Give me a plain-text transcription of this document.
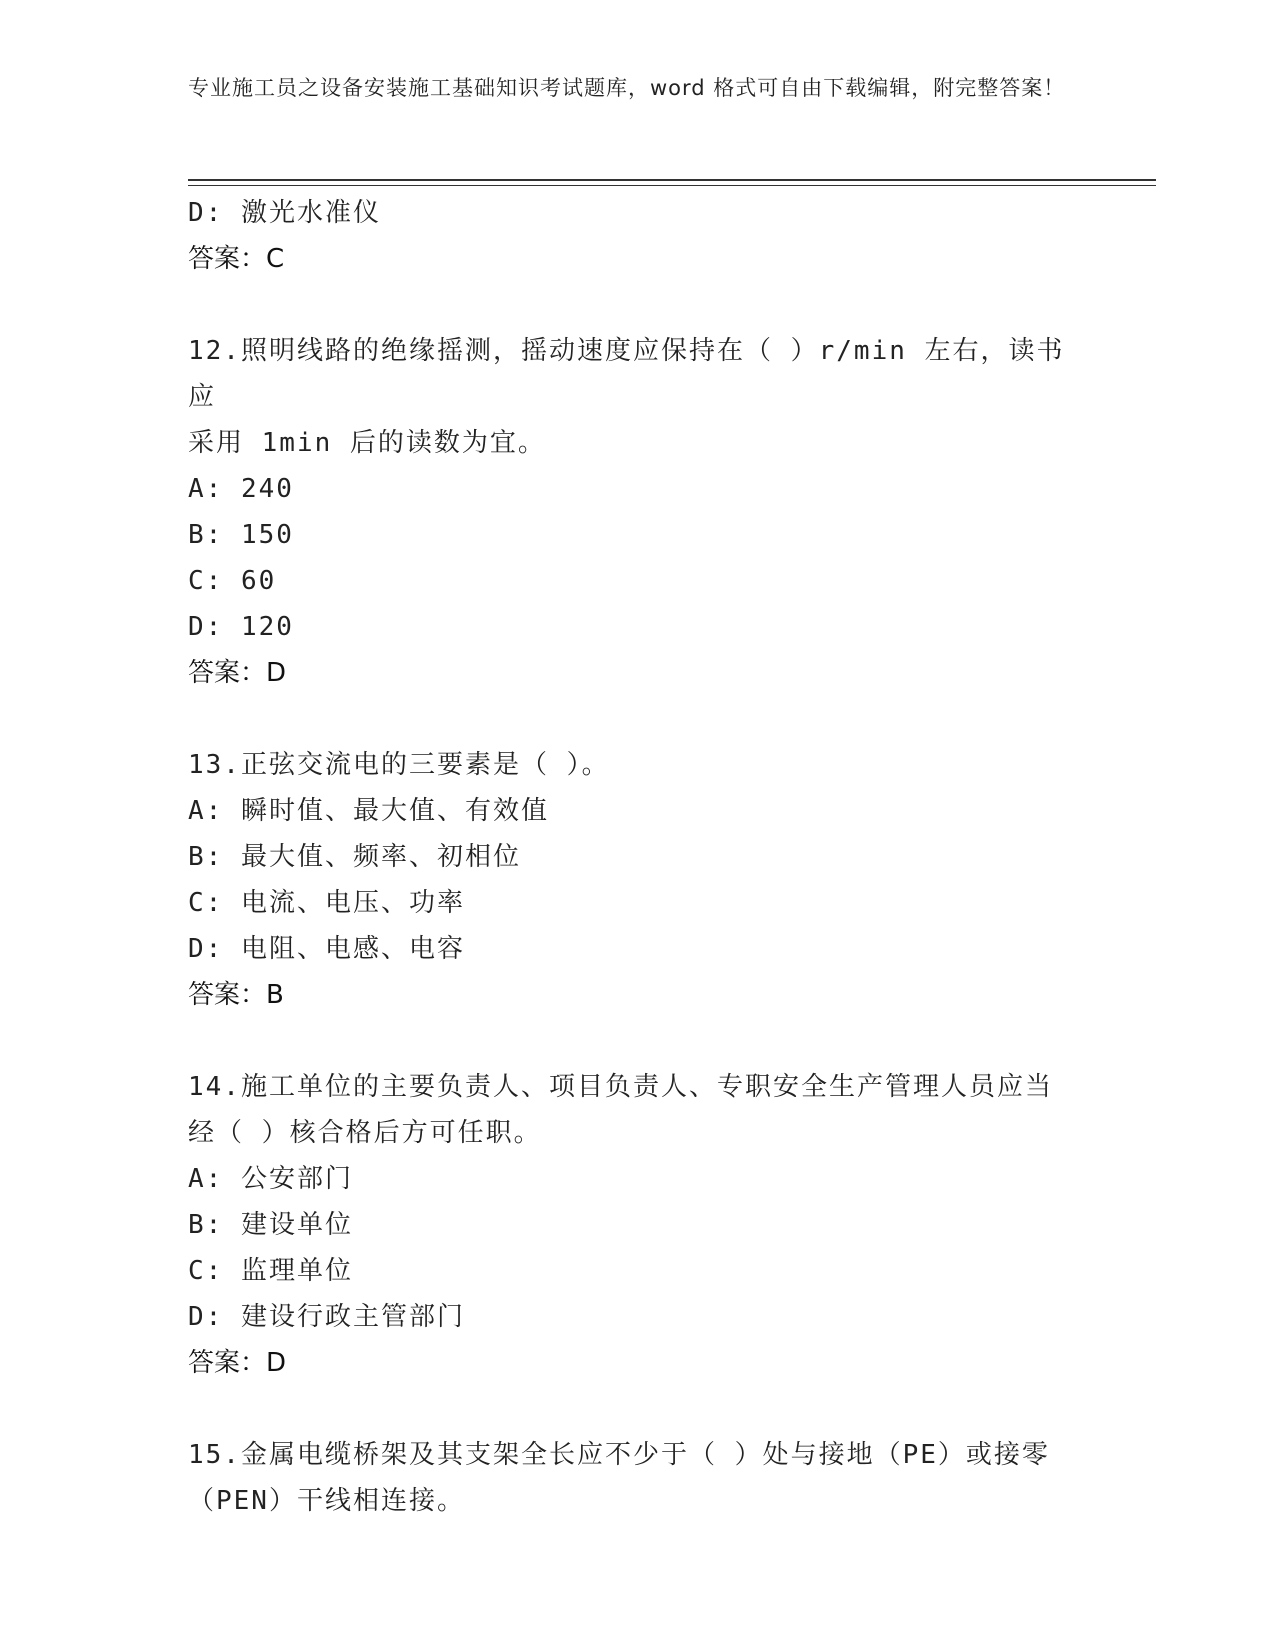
专业施工员之设备安装施工基础知识考试题库，word 格式可自由下载编辑，附完整答案！
D: 激光水准仪
答案：C
12.照明线路的绝缘摇测，摇动速度应保持在（ ）r/min 左右，读书应
采用 1min 后的读数为宜。
A: 240
B: 150
C: 60
D: 120
答案：D
13.正弦交流电的三要素是（ ）。
A: 瞬时值、最大值、有效值
B: 最大值、频率、初相位
C: 电流、电压、功率
D: 电阻、电感、电容
答案：B
14.施工单位的主要负责人、项目负责人、专职安全生产管理人员应当
经（ ）核合格后方可任职。
A: 公安部门
B: 建设单位
C: 监理单位
D: 建设行政主管部门
答案：D
15.金属电缆桥架及其支架全长应不少于（ ）处与接地（PE）或接零
（PEN）干线相连接。
